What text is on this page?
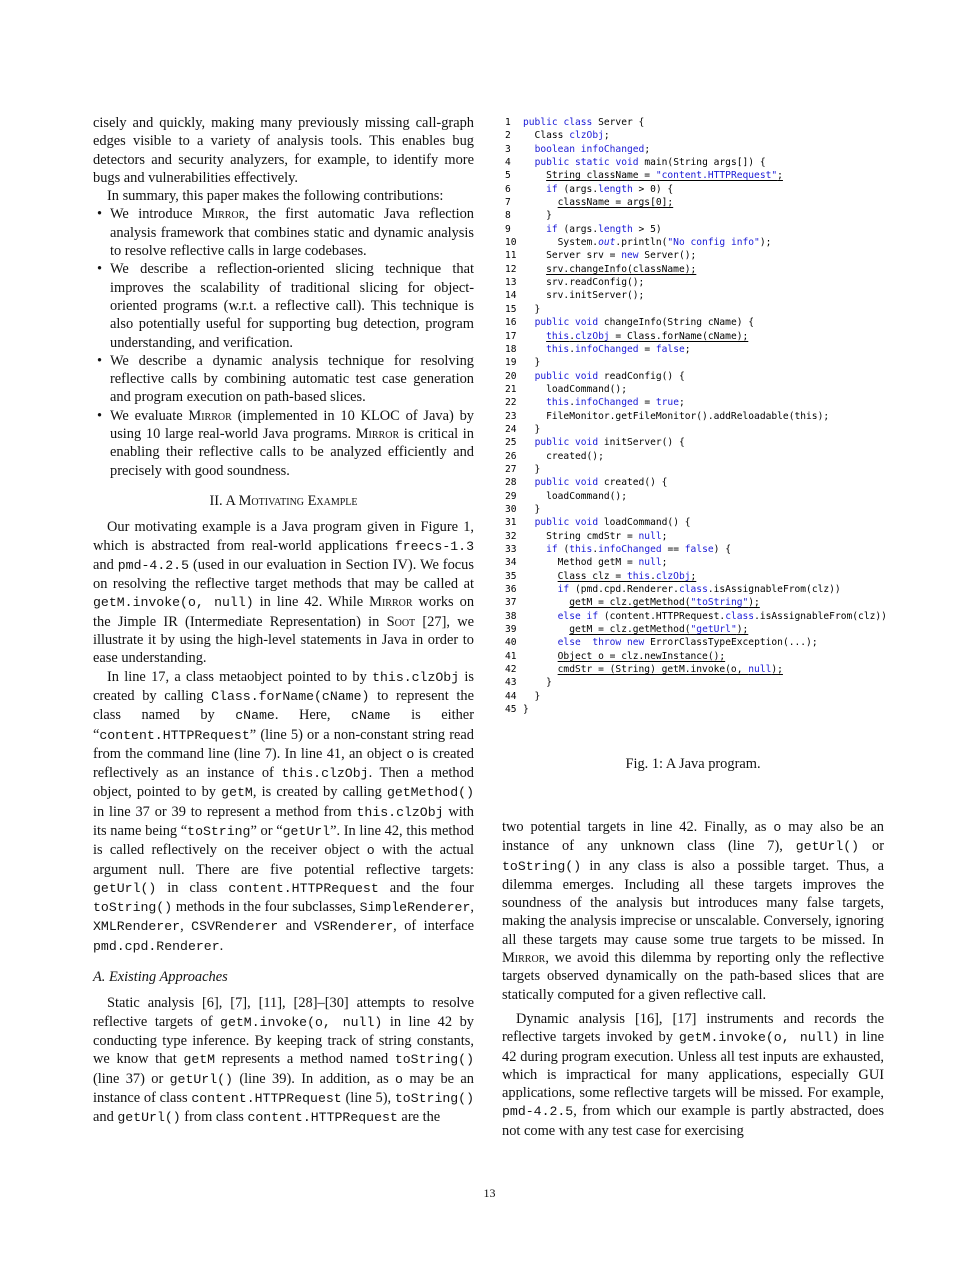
cisely and quickly, making many previously missing call-graph edges visible to a variety of analysis tools. This enables bug detectors and security analyzers, for example, to identify more bugs and vulnerabilities effectively.

In summary, this paper makes the following contributions:

• We introduce Mirror, the first automatic Java reflection analysis framework that combines static and dynamic analysis to resolve reflective calls in large codebases.
• We describe a reflection-oriented slicing technique that improves the scalability of traditional slicing for object-oriented programs (w.r.t. a reflective call). This technique is also potentially useful for supporting bug detection, program understanding, and verification.
• We describe a dynamic analysis technique for resolving reflective calls by combining automatic test case generation and program execution on path-based slices.
• We evaluate Mirror (implemented in 10 KLOC of Java) by using 10 large real-world Java programs. Mirror is critical in enabling their reflective calls to be analyzed efficiently and precisely with good soundness.
II. A Motivating Example

Our motivating example is a Java program given in Figure 1, which is abstracted from real-world applications freecs-1.3 and pmd-4.2.5 (used in our evaluation in Section IV). We focus on resolving the reflective target methods that may be called at getM.invoke(o, null) in line 42. While Mirror works on the Jimple IR (Intermediate Representation) in Soot [27], we illustrate it by using the high-level statements in Java in order to ease understanding.

In line 17, a class metaobject pointed to by this.clzObj is created by calling Class.forName(cName) to represent the class named by cName. Here, cName is either “content.HTTPRequest” (line 5) or a non-constant string read from the command line (line 7). In line 41, an object o is created reflectively as an instance of this.clzObj. Then a method object, pointed to by getM, is created by calling getMethod() in line 37 or 39 to represent a method from this.clzObj with its name being “toString” or “getUrl”. In line 42, this method is called reflectively on the receiver object o with the actual argument null. There are five potential reflective targets: getUrl() in class content.HTTPRequest and the four toString() methods in the four subclasses, SimpleRenderer, XMLRenderer, CSVRenderer and VSRenderer, of interface pmd.cpd.Renderer.

A. Existing Approaches

Static analysis [6], [7], [11], [28]–[30] attempts to resolve reflective targets of getM.invoke(o, null) in line 42 by conducting type inference. By keeping track of string constants, we know that getM represents a method named toString() (line 37) or getUrl() (line 39). In addition, as o may be an instance of class content.HTTPRequest (line 5), toString() and getUrl() from class content.HTTPRequest are the

1 public class Server {
2  Class clzObj;
3 boolean infoChanged;
4 public static void main(String args[]) {
5	String className = "content.HTTPRequest";
6	if (args.length > 0) {
7	className = args[0];
8    }
9	if (args.length > 5)
10      System.out.println("No config info");
11    Server srv = new Server();
12	srv.changeInfo(className);
13    srv.readConfig();
14    srv.initServer();
15  }
16 public void changeInfo(String cName) {
17	this.clzObj = Class.forName(cName);
18	this.infoChanged = false;
19  }
20 public void readConfig() {
21    loadCommand();
22	this.infoChanged = true;
23    FileMonitor.getFileMonitor().addReloadable(this);
24  }
25 public void initServer() {
26    created();
27  }
28 public void created() {
29    loadCommand();
30  }
31 public void loadCommand() {
32    String cmdStr = null;
33	if (this.infoChanged == false) {
34      Method getM = null;
35	Class clz = this.clzObj;
36	if (pmd.cpd.Renderer.class.isAssignableFrom(clz))
37	getM = clz.getMethod("toString");
38	else if (content.HTTPRequest.class.isAssignableFrom(clz))
39	getM = clz.getMethod("getUrl");
40	else throw new ErrorClassTypeException(...);
41	Object o = clz.newInstance();
42	cmdStr = (String) getM.invoke(o, null);
43    }
44  }
45 }
Fig. 1: A Java program.

two potential targets in line 42. Finally, as o may also be an instance of any unknown class (line 7), getUrl() or toString() in any class is also a possible target. Thus, a dilemma emerges. Including all these targets improves the soundness of the analysis but introduces many false targets, making the analysis imprecise or unscalable. Conversely, ignoring all these targets may cause some true targets to be missed. In Mirror, we avoid this dilemma by reporting only the reflective targets observed dynamically on the path-based slices that are statically computed for a given reflective call.

Dynamic analysis [16], [17] instruments and records the reflective targets invoked by getM.invoke(o, null) in line 42 during program execution. Unless all test inputs are exhausted, which is impractical for many applications, especially GUI applications, some reflective targets will be missed. For example, pmd-4.2.5, from which our example is partly abstracted, does not come with any test case for exercising

13
